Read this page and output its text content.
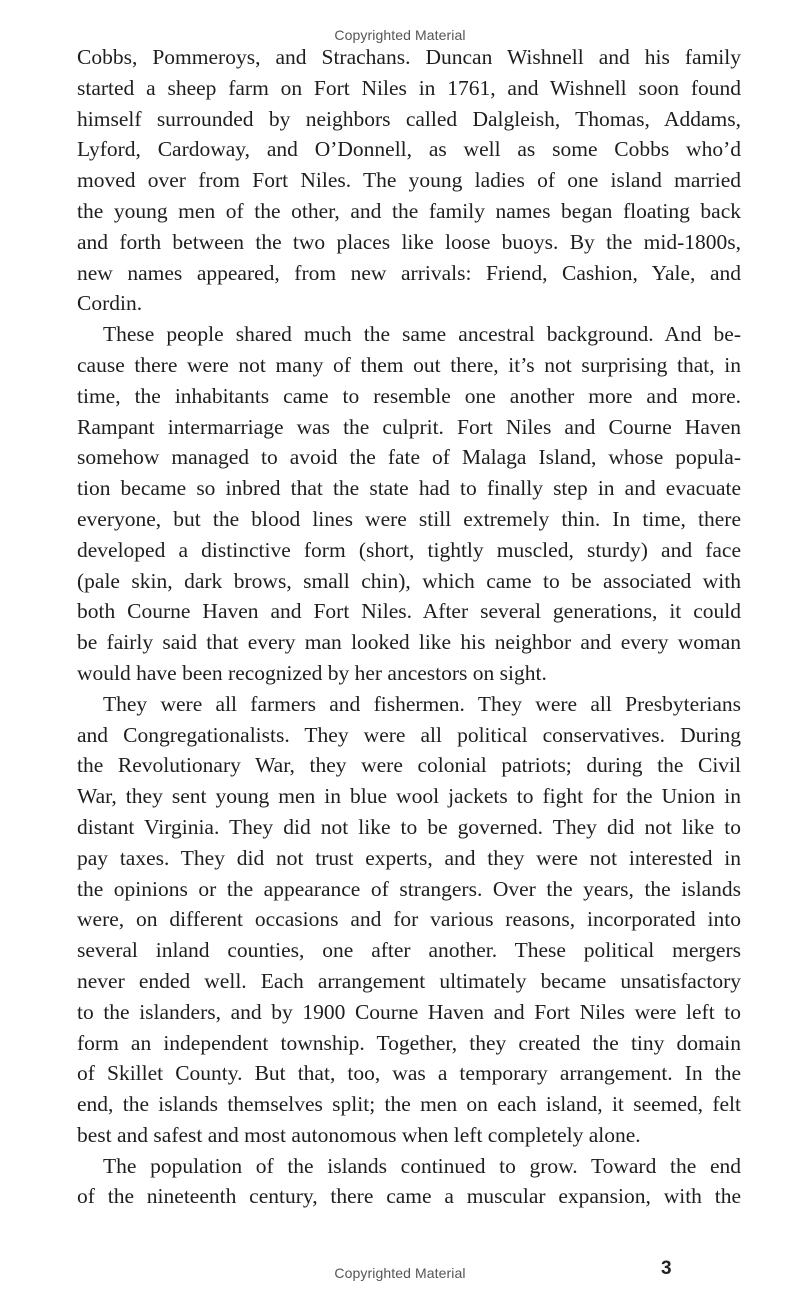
Copyrighted Material
Cobbs, Pommeroys, and Strachans. Duncan Wishnell and his family
started a sheep farm on Fort Niles in 1761, and Wishnell soon found
himself surrounded by neighbors called Dalgleish, Thomas, Addams,
Lyford, Cardoway, and O’Donnell, as well as some Cobbs who’d
moved over from Fort Niles. The young ladies of one island married
the young men of the other, and the family names began floating back
and forth between the two places like loose buoys. By the mid-1800s,
new names appeared, from new arrivals: Friend, Cashion, Yale, and
Cordin.
These people shared much the same ancestral background. And be-
cause there were not many of them out there, it’s not surprising that, in
time, the inhabitants came to resemble one another more and more.
Rampant intermarriage was the culprit. Fort Niles and Courne Haven
somehow managed to avoid the fate of Malaga Island, whose popula-
tion became so inbred that the state had to finally step in and evacuate
everyone, but the blood lines were still extremely thin. In time, there
developed a distinctive form (short, tightly muscled, sturdy) and face
(pale skin, dark brows, small chin), which came to be associated with
both Courne Haven and Fort Niles. After several generations, it could
be fairly said that every man looked like his neighbor and every woman
would have been recognized by her ancestors on sight.
They were all farmers and fishermen. They were all Presbyterians
and Congregationalists. They were all political conservatives. During
the Revolutionary War, they were colonial patriots; during the Civil
War, they sent young men in blue wool jackets to fight for the Union in
distant Virginia. They did not like to be governed. They did not like to
pay taxes. They did not trust experts, and they were not interested in
the opinions or the appearance of strangers. Over the years, the islands
were, on different occasions and for various reasons, incorporated into
several inland counties, one after another. These political mergers
never ended well. Each arrangement ultimately became unsatisfactory
to the islanders, and by 1900 Courne Haven and Fort Niles were left to
form an independent township. Together, they created the tiny domain
of Skillet County. But that, too, was a temporary arrangement. In the
end, the islands themselves split; the men on each island, it seemed, felt
best and safest and most autonomous when left completely alone.
The population of the islands continued to grow. Toward the end
of the nineteenth century, there came a muscular expansion, with the
Copyrighted Material	3
